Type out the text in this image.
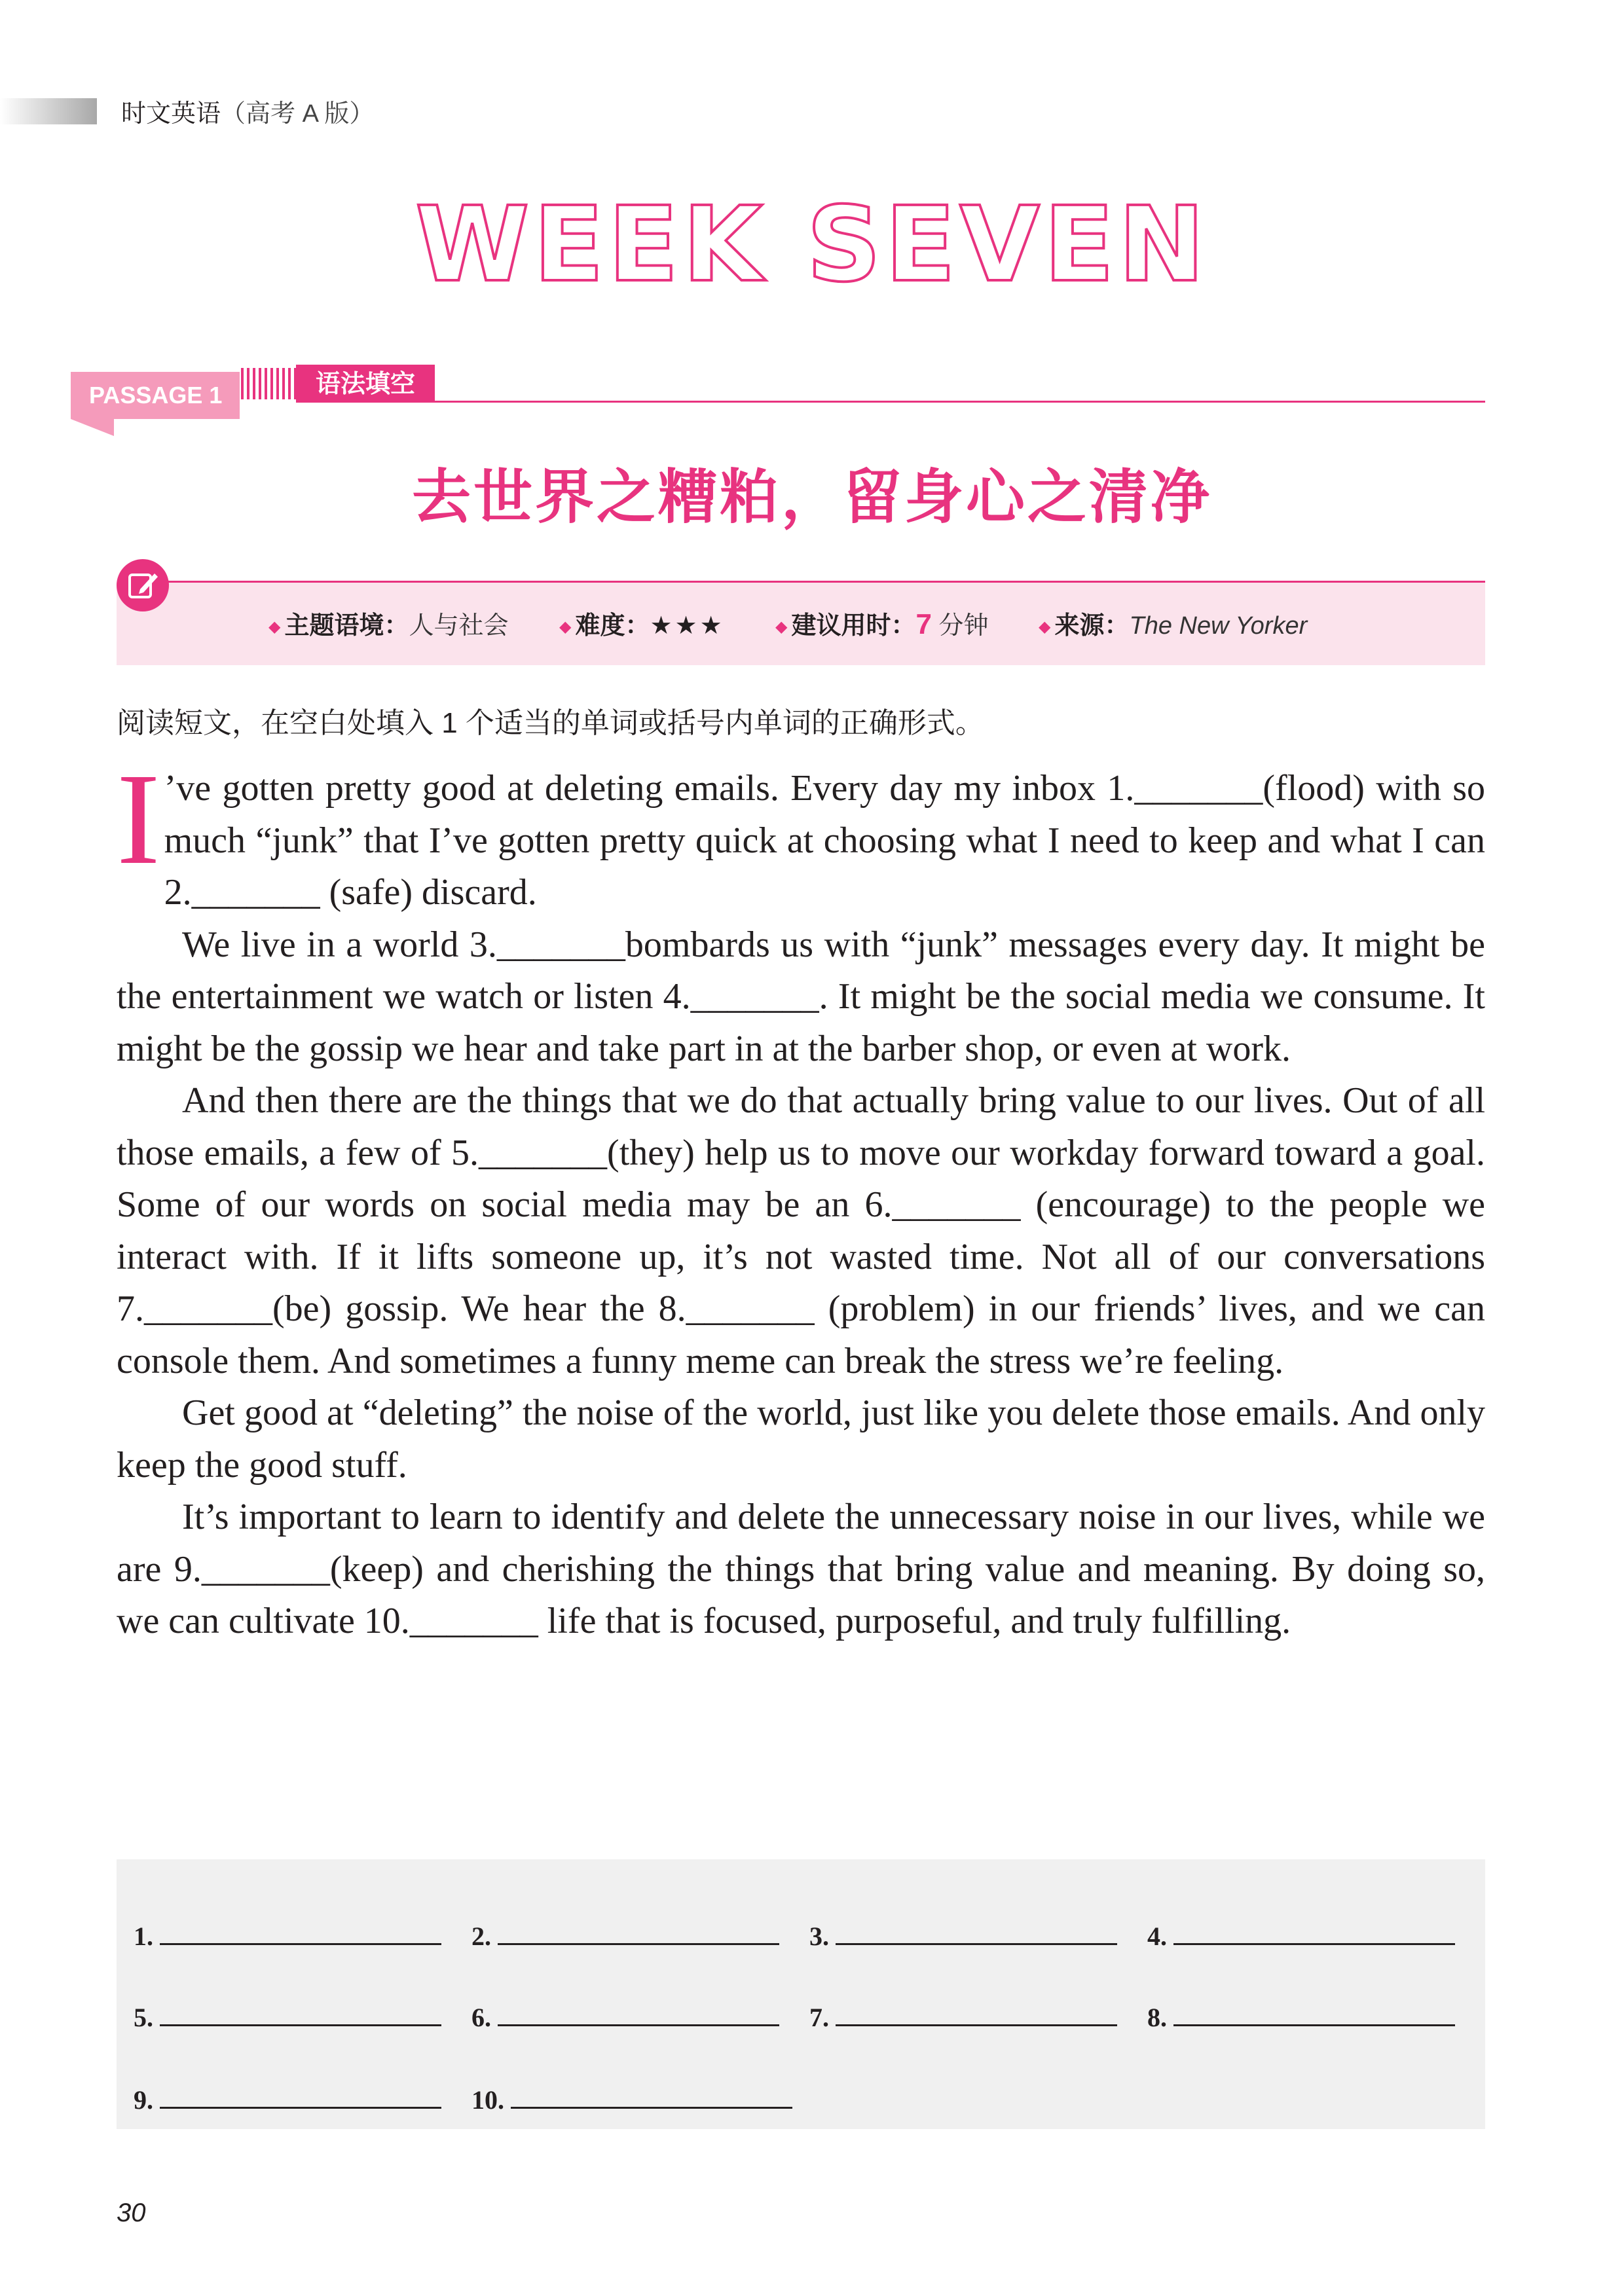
时文英语（高考 A 版）
WEEK SEVEN
PASSAGE 1	语法填空
去世界之糟粕，留身心之清净
◆ 主题语境：人与社会	◆ 难度：★★★	◆ 建议用时：7 分钟	◆ 来源：The New Yorker
阅读短文，在空白处填入 1 个适当的单词或括号内单词的正确形式。

I ’ve gotten pretty good at deleting emails. Every day my inbox 1._______(flood) with so much “junk” that I’ve gotten pretty quick at choosing what I need to keep and what I can 2._______ (safe) discard.

We live in a world 3._______bombards us with “junk” messages every day. It might be the entertainment we watch or listen 4._______. It might be the social media we consume. It might be the gossip we hear and take part in at the barber shop, or even at work.

And then there are the things that we do that actually bring value to our lives. Out of all those emails, a few of 5._______(they) help us to move our workday forward toward a goal. Some of our words on social media may be an 6._______ (encourage) to the people we interact with. If it lifts someone up, it’s not wasted time. Not all of our conversations 7._______(be) gossip. We hear the 8._______ (problem) in our friends’ lives, and we can console them. And sometimes a funny meme can break the stress we’re feeling.

Get good at “deleting” the noise of the world, just like you delete those emails. And only keep the good stuff.

It’s important to learn to identify and delete the unnecessary noise in our lives, while we are 9._______(keep) and cherishing the things that bring value and meaning. By doing so, we can cultivate 10._______ life that is focused, purposeful, and truly fulfilling.

1.	2.	3.	4.
5.	6.	7.	8.
9.	10.
30
